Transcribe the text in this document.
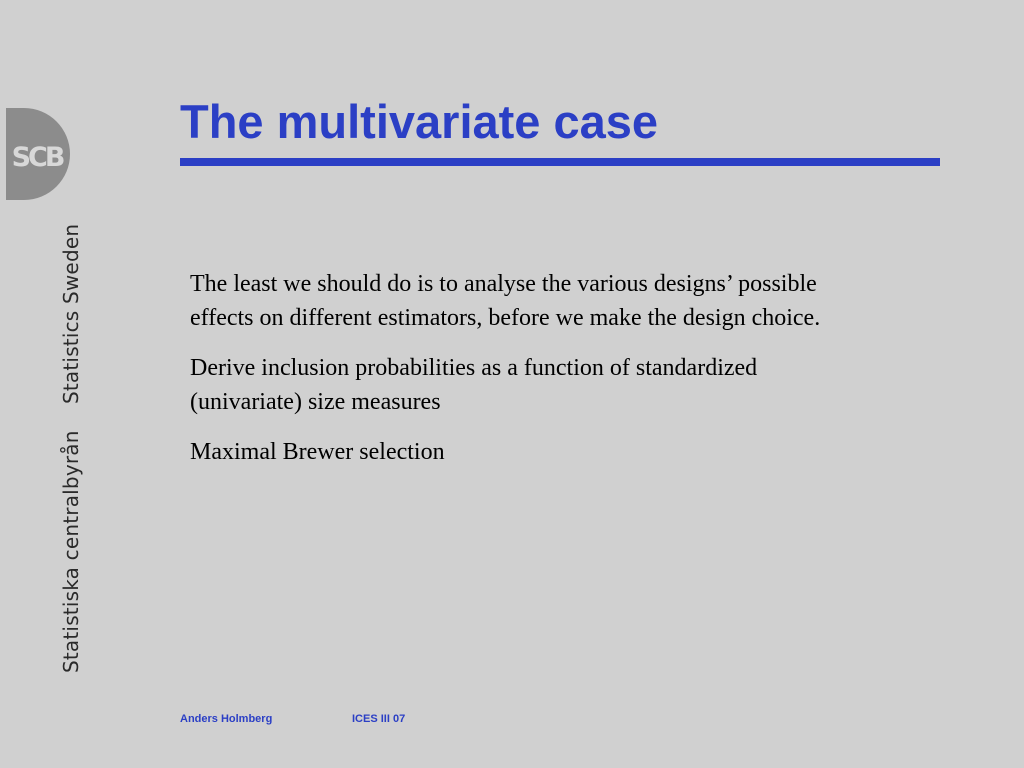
SCB
Statistics Sweden
Statistiska centralbyrån
The multivariate case

The least we should do is to analyse the various designs’ possible effects on different estimators, before we make the design choice.

Derive inclusion probabilities as a function of standardized (univariate) size measures

Maximal Brewer selection

Anders Holmberg	ICES III 07
